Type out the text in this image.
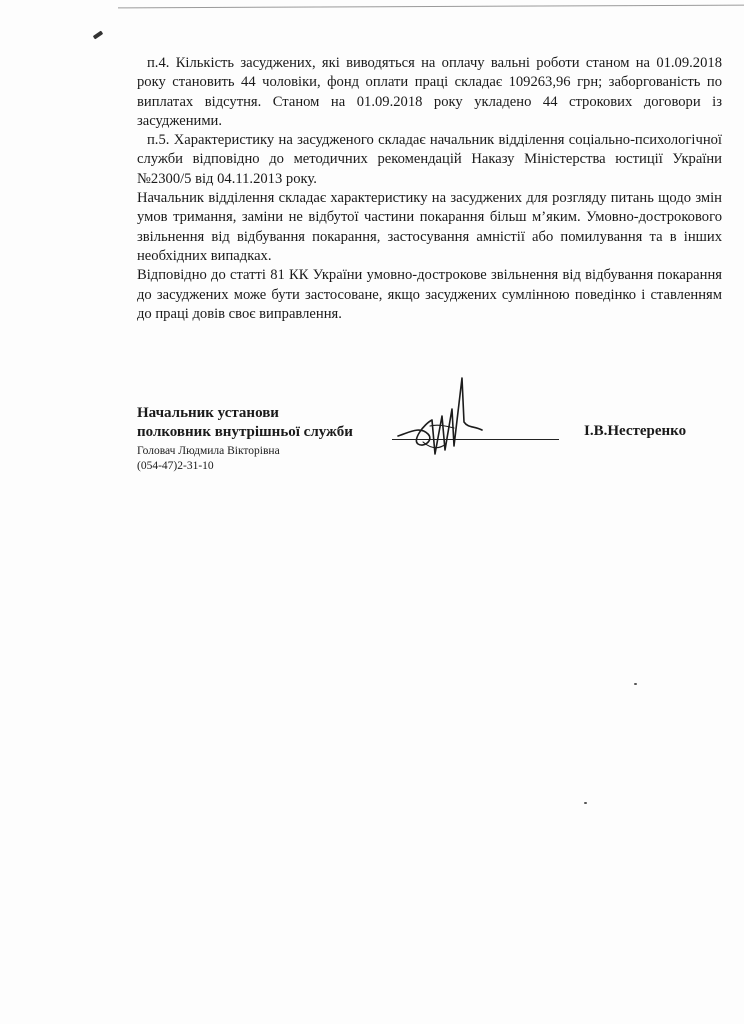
п.4. Кількість засуджених, які виводяться на оплачу вальні роботи станом на 01.09.2018 року становить 44 чоловіки, фонд оплати праці складає 109263,96 грн; заборгованість по виплатах відсутня. Станом на 01.09.2018 року укладено 44 строкових договори із засудженими.

п.5. Характеристику на засудженого складає начальник відділення соціально-психологічної служби відповідно до методичних рекомендацій Наказу Міністерства юстиції України №2300/5 від 04.11.2013 року.

Начальник відділення складає характеристику на засуджених для розгляду питань щодо змін умов тримання, заміни не відбутої частини покарання більш м’яким. Умовно-дострокового звільнення від відбування покарання, застосування амністії або помилування та в інших необхідних випадках.

Відповідно до статті 81 КК України умовно-дострокове звільнення від відбування покарання до засуджених може бути застосоване, якщо засуджених сумлінною поведінко і ставленням до праці довів своє виправлення.

Начальник установи
полковник внутрішньої служби
Головач Людмила Вікторівна
(054-47)2-31-10
І.В.Нестеренко
